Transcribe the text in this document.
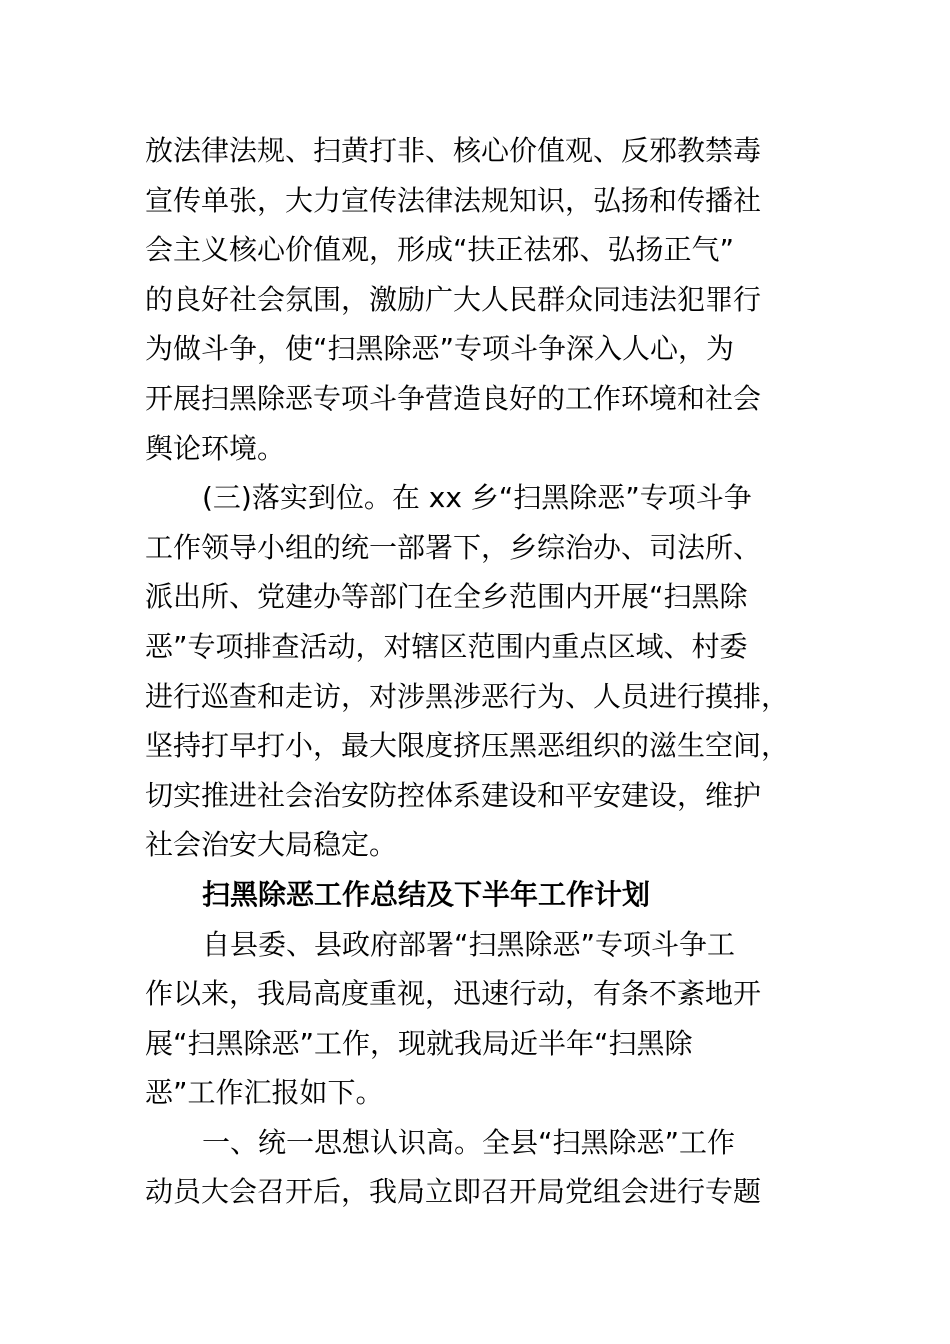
放法律法规、扫黄打非、核心价值观、反邪教禁毒
宣传单张，大力宣传法律法规知识，弘扬和传播社
会主义核心价值观，形成“扶正祛邪、弘扬正气”
的良好社会氛围，激励广大人民群众同违法犯罪行
为做斗争，使“扫黑除恶”专项斗争深入人心，为
开展扫黑除恶专项斗争营造良好的工作环境和社会
舆论环境。
(三)落实到位。在 xx 乡“扫黑除恶”专项斗争
工作领导小组的统一部署下，乡综治办、司法所、
派出所、党建办等部门在全乡范围内开展“扫黑除
恶”专项排查活动，对辖区范围内重点区域、村委
进行巡查和走访，对涉黑涉恶行为、人员进行摸排，
坚持打早打小，最大限度挤压黑恶组织的滋生空间，
切实推进社会治安防控体系建设和平安建设，维护
社会治安大局稳定。
扫黑除恶工作总结及下半年工作计划
自县委、县政府部署“扫黑除恶”专项斗争工
作以来，我局高度重视，迅速行动，有条不紊地开
展“扫黑除恶”工作，现就我局近半年“扫黑除
恶”工作汇报如下。
一、统一思想认识高。全县“扫黑除恶”工作
动员大会召开后，我局立即召开局党组会进行专题
